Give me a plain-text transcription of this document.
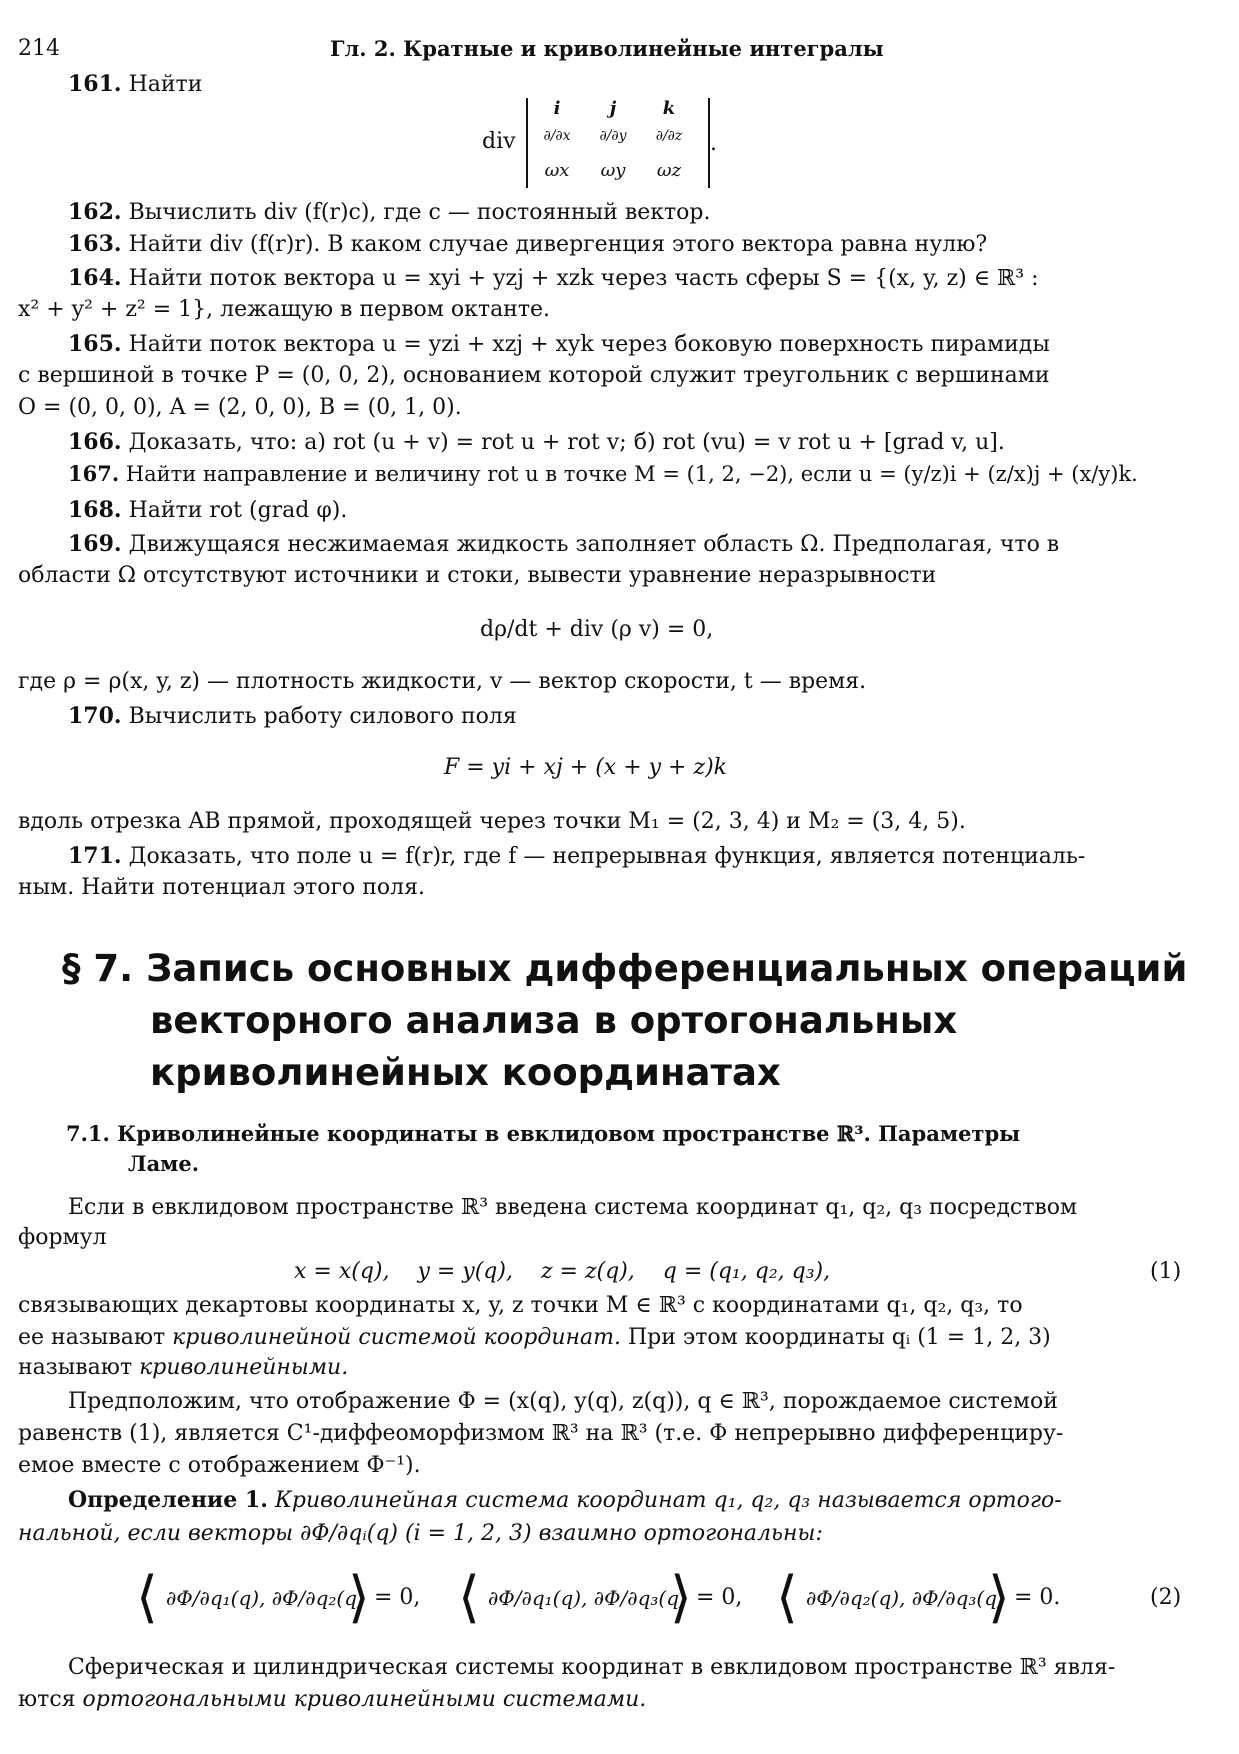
214	Гл. 2. Кратные и криволинейные интегралы
161. Найти
div
i	j	k
∂/∂x	∂/∂y	∂/∂z
ωx	ωy	ωz
.
162. Вычислить div (f(r)c), где c — постоянный вектор.
163. Найти div (f(r)r). В каком случае дивергенция этого вектора равна нулю?
164. Найти поток вектора u = xyi + yzj + xzk через часть сферы S = {(x, y, z) ∈ ℝ³ :
x² + y² + z² = 1}, лежащую в первом октанте.
165. Найти поток вектора u = yzi + xzj + xyk через боковую поверхность пирамиды
с вершиной в точке P = (0, 0, 2), основанием которой служит треугольник с вершинами
O = (0, 0, 0), A = (2, 0, 0), B = (0, 1, 0).
166. Доказать, что: а) rot (u + v) = rot u + rot v; б) rot (vu) = v rot u + [grad v, u].
167. Найти направление и величину rot u в точке M = (1, 2, −2), если u = (y/z)i + (z/x)j + (x/y)k.
168. Найти rot (grad φ).
169. Движущаяся несжимаемая жидкость заполняет область Ω. Предполагая, что в
области Ω отсутствуют источники и стоки, вывести уравнение неразрывности
dρ/dt + div (ρ v) = 0,
где ρ = ρ(x, y, z) — плотность жидкости, v — вектор скорости, t — время.
170. Вычислить работу силового поля
F = yi + xj + (x + y + z)k
вдоль отрезка AB прямой, проходящей через точки M₁ = (2, 3, 4) и M₂ = (3, 4, 5).
171. Доказать, что поле u = f(r)r, где f — непрерывная функция, является потенциаль-
ным. Найти потенциал этого поля.
§ 7. Запись основных дифференциальных операций
векторного анализа в ортогональных
криволинейных координатах
7.1. Криволинейные координаты в евклидовом пространстве ℝ³. Параметры
Ламе.
Если в евклидовом пространстве ℝ³ введена система координат q₁, q₂, q₃ посредством
формул
x = x(q),    y = y(q),    z = z(q),    q = (q₁, q₂, q₃),	(1)
связывающих декартовы координаты x, y, z точки M ∈ ℝ³ с координатами q₁, q₂, q₃, то
ее называют криволинейной системой координат. При этом координаты qᵢ (1 = 1, 2, 3)
называют криволинейными.
Предположим, что отображение Φ = (x(q), y(q), z(q)), q ∈ ℝ³, порождаемое системой
равенств (1), является C¹-диффеоморфизмом ℝ³ на ℝ³ (т.е. Φ непрерывно дифференциру-
емое вместе с отображением Φ⁻¹).
Определение 1. Криволинейная система координат q₁, q₂, q₃ называется ортого-
нальной, если векторы ∂Φ/∂qᵢ(q) (i = 1, 2, 3) взаимно ортогональны:
⟨ ∂Φ/∂q₁(q), ∂Φ/∂q₂(q)
⟩ = 0, ⟨ ∂Φ/∂q₁(q), ∂Φ/∂q₃(q)
⟩ = 0, ⟨ ∂Φ/∂q₂(q), ∂Φ/∂q₃(q)
⟩ = 0.	(2)
Сферическая и цилиндрическая системы координат в евклидовом пространстве ℝ³ явля-
ются ортогональными криволинейными системами.
